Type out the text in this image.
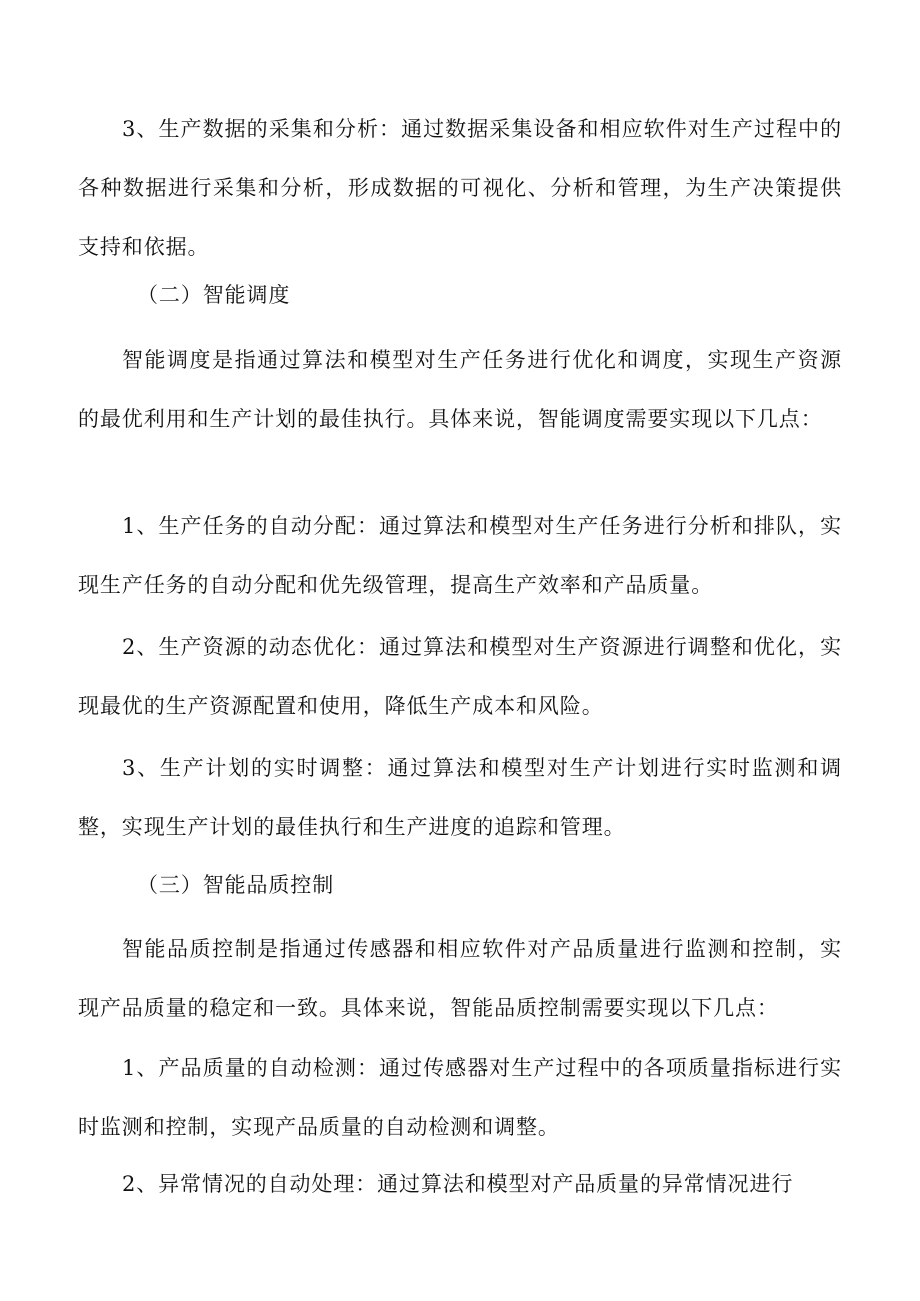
3、生产数据的采集和分析：通过数据采集设备和相应软件对生产过程中的各种数据进行采集和分析，形成数据的可视化、分析和管理，为生产决策提供支持和依据。

（二）智能调度

智能调度是指通过算法和模型对生产任务进行优化和调度，实现生产资源的最优利用和生产计划的最佳执行。具体来说，智能调度需要实现以下几点：

1、生产任务的自动分配：通过算法和模型对生产任务进行分析和排队，实现生产任务的自动分配和优先级管理，提高生产效率和产品质量。

2、生产资源的动态优化：通过算法和模型对生产资源进行调整和优化，实现最优的生产资源配置和使用，降低生产成本和风险。

3、生产计划的实时调整：通过算法和模型对生产计划进行实时监测和调整，实现生产计划的最佳执行和生产进度的追踪和管理。

（三）智能品质控制

智能品质控制是指通过传感器和相应软件对产品质量进行监测和控制，实现产品质量的稳定和一致。具体来说，智能品质控制需要实现以下几点：

1、产品质量的自动检测：通过传感器对生产过程中的各项质量指标进行实时监测和控制，实现产品质量的自动检测和调整。

2、异常情况的自动处理：通过算法和模型对产品质量的异常情况进行
